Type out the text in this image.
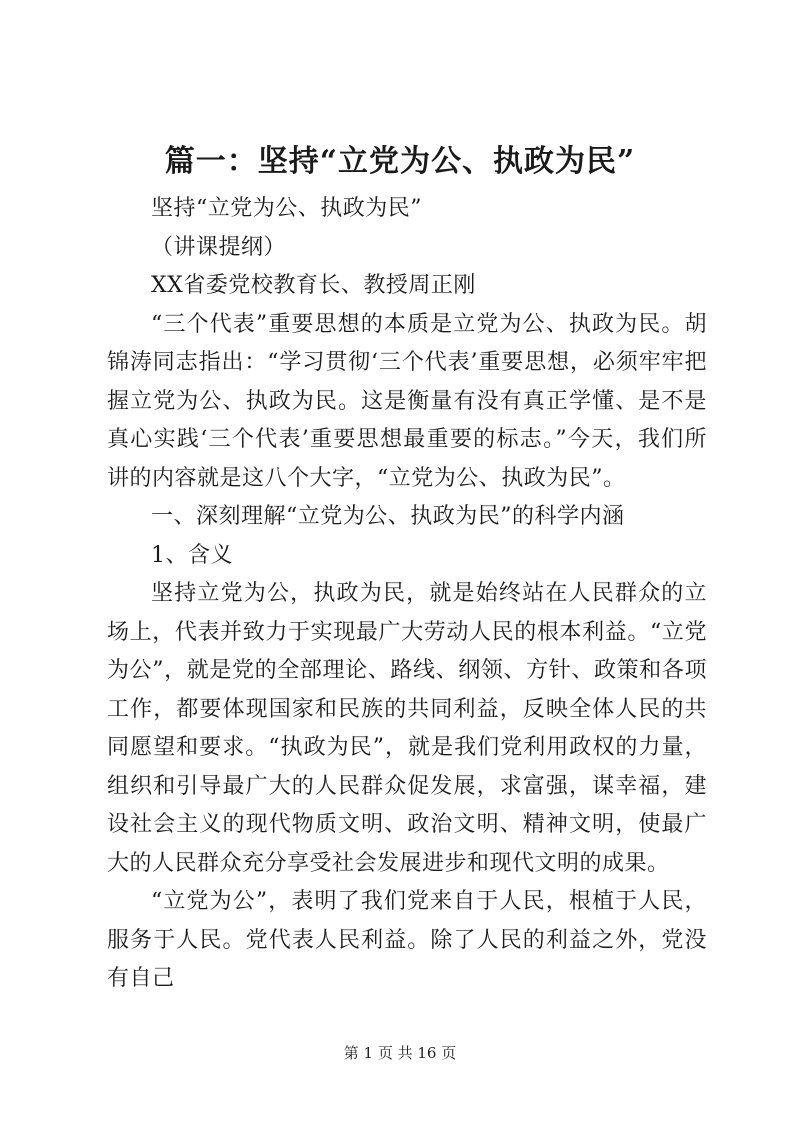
篇一：坚持“立党为公、执政为民”

坚持“立党为公、执政为民”

（讲课提纲）

XX省委党校教育长、教授周正刚

“三个代表”重要思想的本质是立党为公、执政为民。胡锦涛同志指出：“学习贯彻‘三个代表’重要思想，必须牢牢把握立党为公、执政为民。这是衡量有没有真正学懂、是不是真心实践‘三个代表’重要思想最重要的标志。”今天，我们所讲的内容就是这八个大字，“立党为公、执政为民”。

一、深刻理解“立党为公、执政为民”的科学内涵

1、含义

坚持立党为公，执政为民，就是始终站在人民群众的立场上，代表并致力于实现最广大劳动人民的根本利益。“立党为公”，就是党的全部理论、路线、纲领、方针、政策和各项工作，都要体现国家和民族的共同利益，反映全体人民的共同愿望和要求。“执政为民”，就是我们党利用政权的力量，组织和引导最广大的人民群众促发展，求富强，谋幸福，建设社会主义的现代物质文明、政治文明、精神文明，使最广大的人民群众充分享受社会发展进步和现代文明的成果。

“立党为公”，表明了我们党来自于人民，根植于人民，服务于人民。党代表人民利益。除了人民的利益之外，党没有自己

第 1 页 共 16 页
